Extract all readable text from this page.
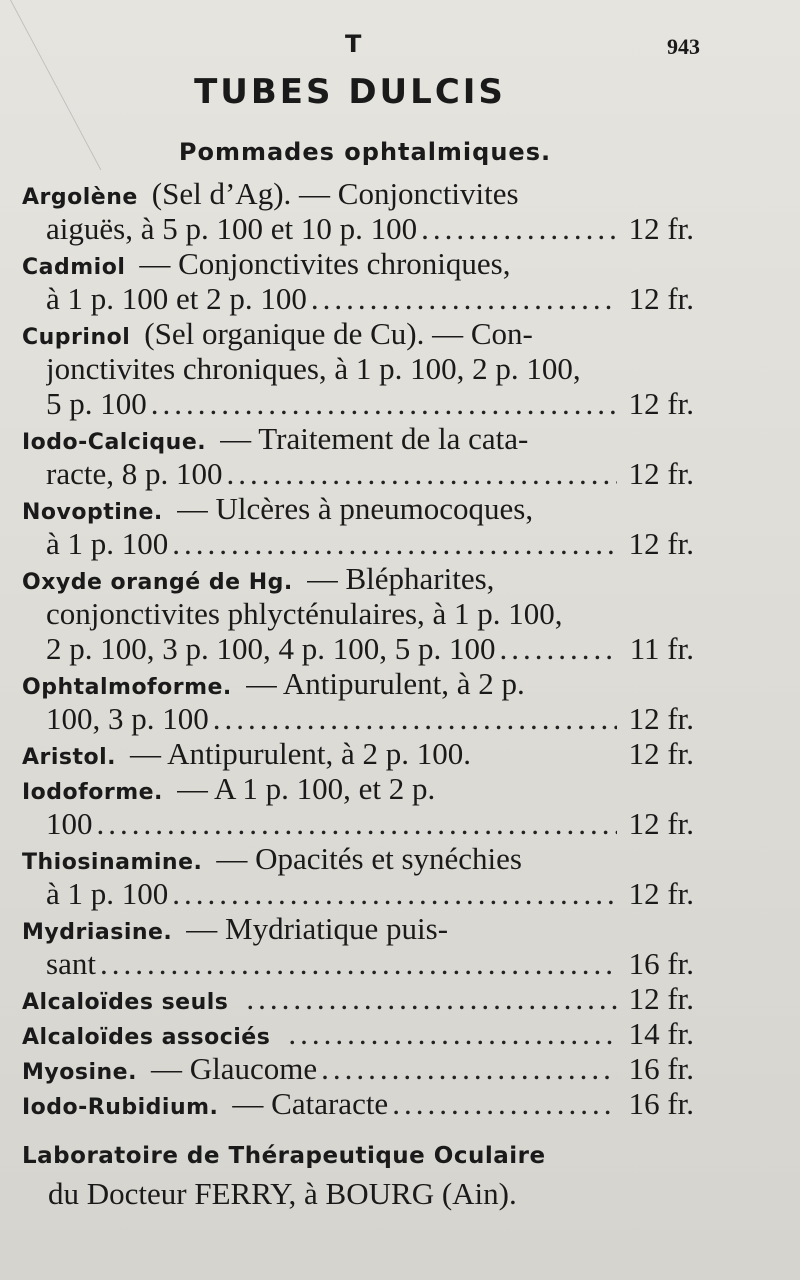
T	943
TUBES DULCIS
Pommades ophtalmiques.
Argolène (Sel d’Ag). — Conjonctivites
aiguës, à 5 p. 100 et 10 p. 100 .....	12 fr.
Cadmiol — Conjonctivites chroniques,
à 1 p. 100 et 2 p. 100 .....	12 fr.
Cuprinol (Sel organique de Cu). — Con-
jonctivites chroniques, à 1 p. 100, 2 p. 100,
5 p. 100 .....	12 fr.
Iodo-Calcique. — Traitement de la cata-
racte, 8 p. 100 .....	12 fr.
Novoptine. — Ulcères à pneumocoques,
à 1 p. 100 .....	12 fr.
Oxyde orangé de Hg. — Blépharites,
conjonctivites phlycténulaires, à 1 p. 100,
2 p. 100, 3 p. 100, 4 p. 100, 5 p. 100 .....	11 fr.
Ophtalmoforme. — Antipurulent, à 2 p.
100, 3 p. 100 .....	12 fr.
Aristol. — Antipurulent, à 2 p. 100.	12 fr.
Iodoforme. — A 1 p. 100, et 2 p.
100 .....	12 fr.
Thiosinamine. — Opacités et synéchies
à 1 p. 100 .....	12 fr.
Mydriasine. — Mydriatique puis-
sant .....	16 fr.
Alcaloïdes seuls .....	12 fr.
Alcaloïdes associés .....	14 fr.
Myosine. — Glaucome .....	16 fr.
Iodo-Rubidium. — Cataracte .....	16 fr.
Laboratoire de Thérapeutique Oculaire
du Docteur FERRY, à BOURG (Ain).
